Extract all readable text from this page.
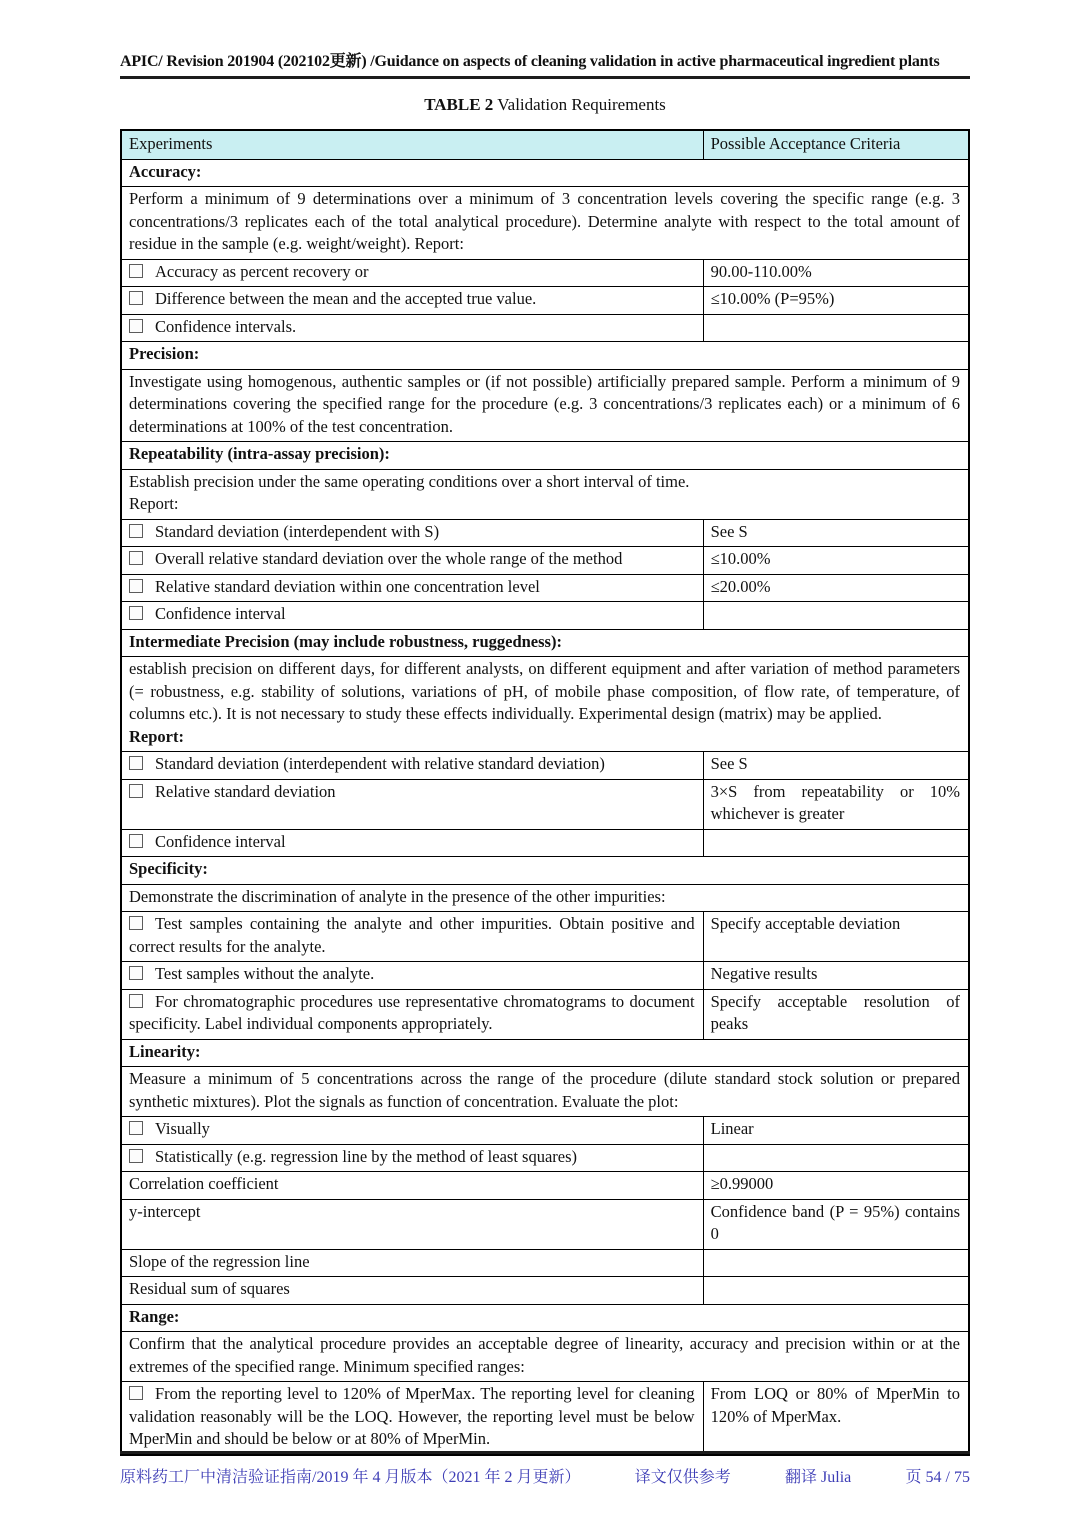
APIC/ Revision 201904 (202102更新) /Guidance on aspects of cleaning validation in active pharmaceutical ingredient plants
TABLE 2 Validation Requirements
Experiments	Possible Acceptance Criteria
Accuracy:	

Perform a minimum of 9 determinations over a minimum of 3 concentration levels covering the specific range (e.g. 3 concentrations/3 replicates each of the total analytical procedure). Determine analyte with respect to the total amount of residue in the sample (e.g. weight/weight). Report:	

Accuracy as percent recovery or	90.00-110.00%
Difference between the mean and the accepted true value.	≤10.00% (P=95%)
Confidence intervals.	
Precision:	

Investigate using homogenous, authentic samples or (if not possible) artificially prepared sample. Perform a minimum of 9 determinations covering the specified range for the procedure (e.g. 3 concentrations/3 replicates each) or a minimum of 6 determinations at 100% of the test concentration.	

Repeatability (intra-assay precision):	

Establish precision under the same operating conditions over a short interval of time.
Report:	

Standard deviation (interdependent with S)	See S
Overall relative standard deviation over the whole range of the method	≤10.00%
Relative standard deviation within one concentration level	≤20.00%
Confidence interval	
Intermediate Precision (may include robustness, ruggedness):	

establish precision on different days, for different analysts, on different equipment and after variation of method parameters (= robustness, e.g. stability of solutions, variations of pH, of mobile phase composition, of flow rate, of temperature, of columns etc.). It is not necessary to study these effects individually. Experimental design (matrix) may be applied.
Report:	

Standard deviation (interdependent with relative standard deviation)	See S
Relative standard deviation	3×S from repeatability or 10% whichever is greater
Confidence interval	
Specificity:	

Demonstrate the discrimination of analyte in the presence of the other impurities:	

Test samples containing the analyte and other impurities. Obtain positive and correct results for the analyte.	Specify acceptable deviation
Test samples without the analyte.	Negative results
For chromatographic procedures use representative chromatograms to document specificity. Label individual components appropriately.	Specify acceptable resolution of peaks
Linearity:	

Measure a minimum of 5 concentrations across the range of the procedure (dilute standard stock solution or prepared synthetic mixtures). Plot the signals as function of concentration. Evaluate the plot:	

Visually	Linear
Statistically (e.g. regression line by the method of least squares)	
Correlation coefficient	≥0.99000
y-intercept	Confidence band (P = 95%) contains 0
Slope of the regression line	
Residual sum of squares	
Range:	

Confirm that the analytical procedure provides an acceptable degree of linearity, accuracy and precision within or at the extremes of the specified range. Minimum specified ranges:	

From the reporting level to 120% of MperMax. The reporting level for cleaning validation reasonably will be the LOQ. However, the reporting level must be below MperMin and should be below or at 80% of MperMin.	From LOQ or 80% of MperMin to 120% of MperMax.
原料药工厂中清洁验证指南/2019 年 4 月版本（2021 年 2 月更新）	译文仅供参考	翻译 Julia	页 54 / 75
